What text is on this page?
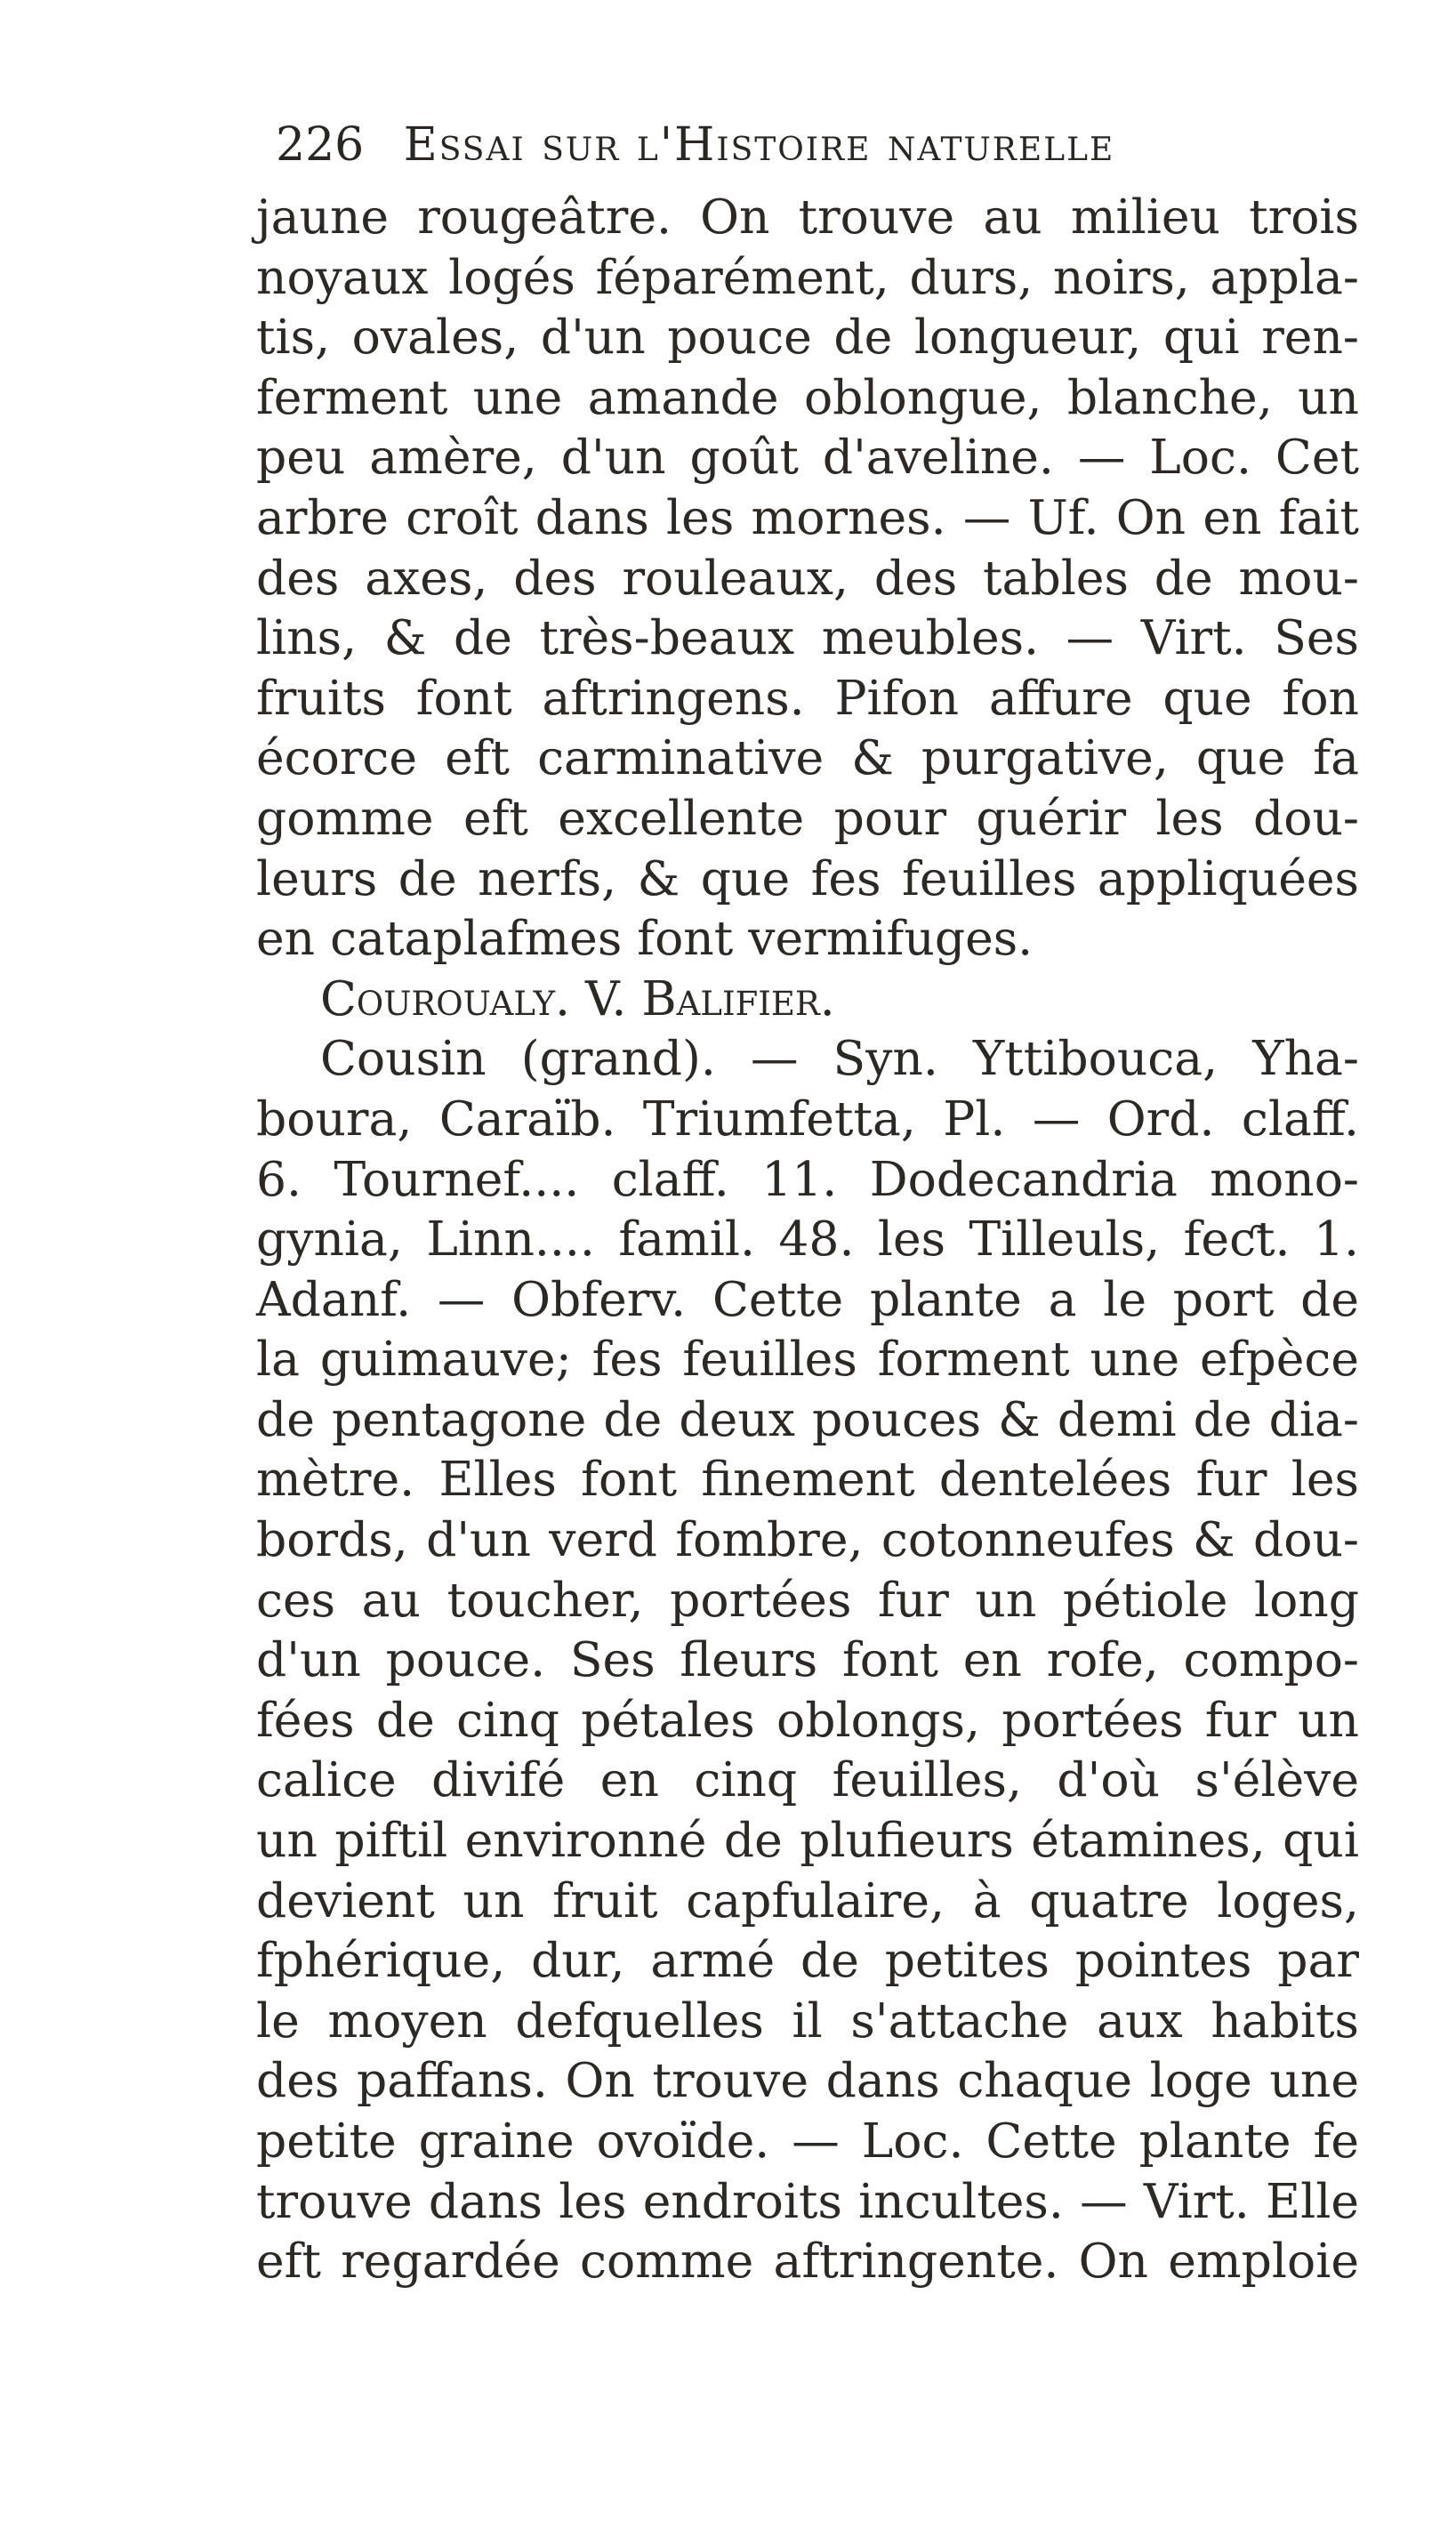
226 Essai sur l'Histoire naturelle
jaune rougeâtre. On trouve au milieu trois
noyaux logés féparément, durs, noirs, appla-
tis, ovales, d'un pouce de longueur, qui ren-
ferment une amande oblongue, blanche, un
peu amère, d'un goût d'aveline. — Loc. Cet
arbre croît dans les mornes. — Uf. On en fait
des axes, des rouleaux, des tables de mou-
lins, & de très-beaux meubles. — Virt. Ses
fruits font aftringens. Pifon affure que fon
écorce eft carminative & purgative, que fa
gomme eft excellente pour guérir les dou-
leurs de nerfs, & que fes feuilles appliquées
en cataplafmes font vermifuges.
Couroualy. V. Balifier.
Cousin (grand). — Syn. Yttibouca, Yha-
boura, Caraïb. Triumfetta, Pl. — Ord. claff.
6. Tournef.... claff. 11. Dodecandria mono-
gynia, Linn.... famil. 48. les Tilleuls, feƈt. 1.
Adanf. — Obferv. Cette plante a le port de
la guimauve; fes feuilles forment une efpèce
de pentagone de deux pouces & demi de dia-
mètre. Elles font finement dentelées fur les
bords, d'un verd fombre, cotonneufes & dou-
ces au toucher, portées fur un pétiole long
d'un pouce. Ses fleurs font en rofe, compo-
fées de cinq pétales oblongs, portées fur un
calice divifé en cinq feuilles, d'où s'élève
un piftil environné de plufieurs étamines, qui
devient un fruit capfulaire, à quatre loges,
fphérique, dur, armé de petites pointes par
le moyen defquelles il s'attache aux habits
des paffans. On trouve dans chaque loge une
petite graine ovoïde. — Loc. Cette plante fe
trouve dans les endroits incultes. — Virt. Elle
eft regardée comme aftringente. On emploie
